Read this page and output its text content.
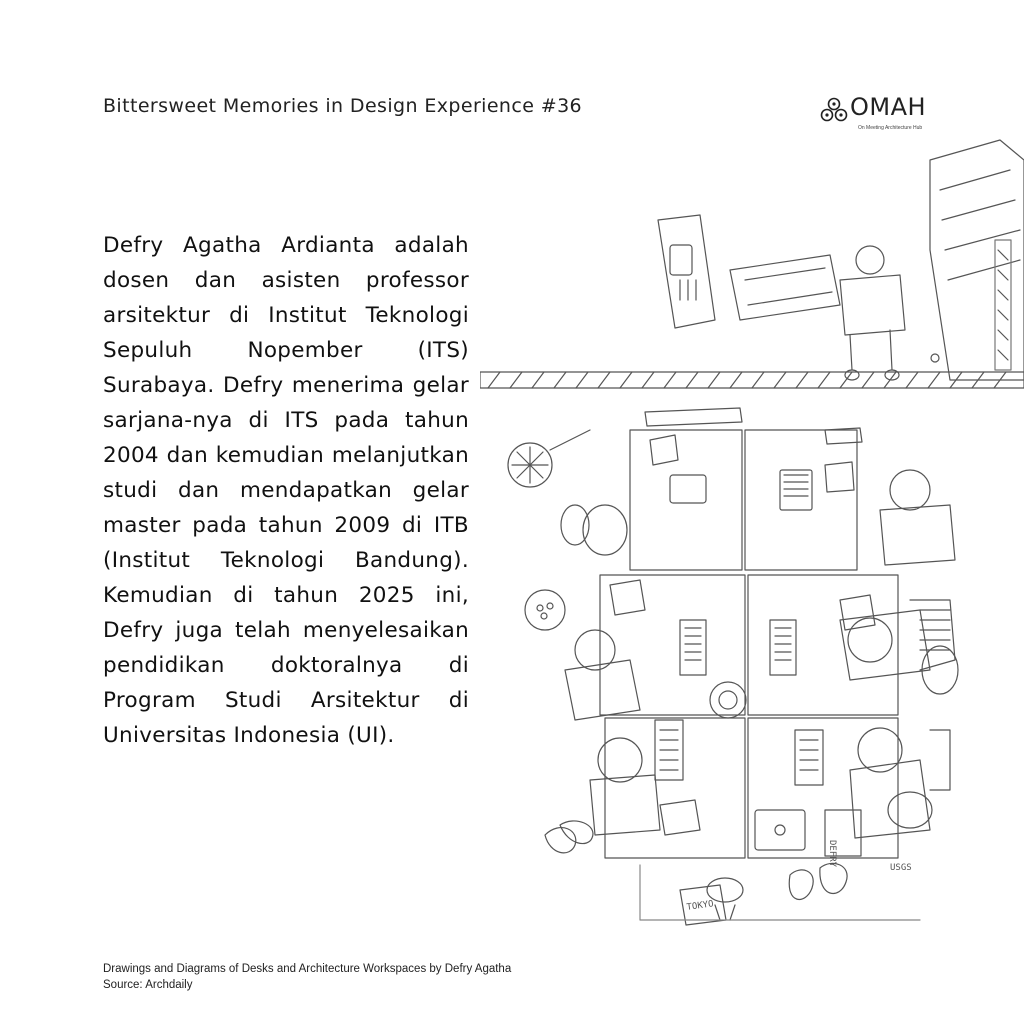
Bittersweet Memories in Design Experience #36	OMAH
On Meeting Architecture Hub
Defry Agatha Ardianta adalah dosen dan asisten professor arsitektur di Institut Teknologi Sepuluh Nopember (ITS) Surabaya. Defry menerima gelar sarjana-nya di ITS pada tahun 2004 dan kemudian melanjutkan studi dan mendapatkan gelar master pada tahun 2009 di ITB (Institut Teknologi Bandung). Kemudian di tahun 2025 ini, Defry juga telah menyelesaikan pendidikan doktoralnya di Program Studi Arsitektur di Universitas Indonesia (UI).
TOKYO
USGS
DEFRY
Drawings and Diagrams of Desks and Architecture Workspaces by Defry Agatha
Source: Archdaily
